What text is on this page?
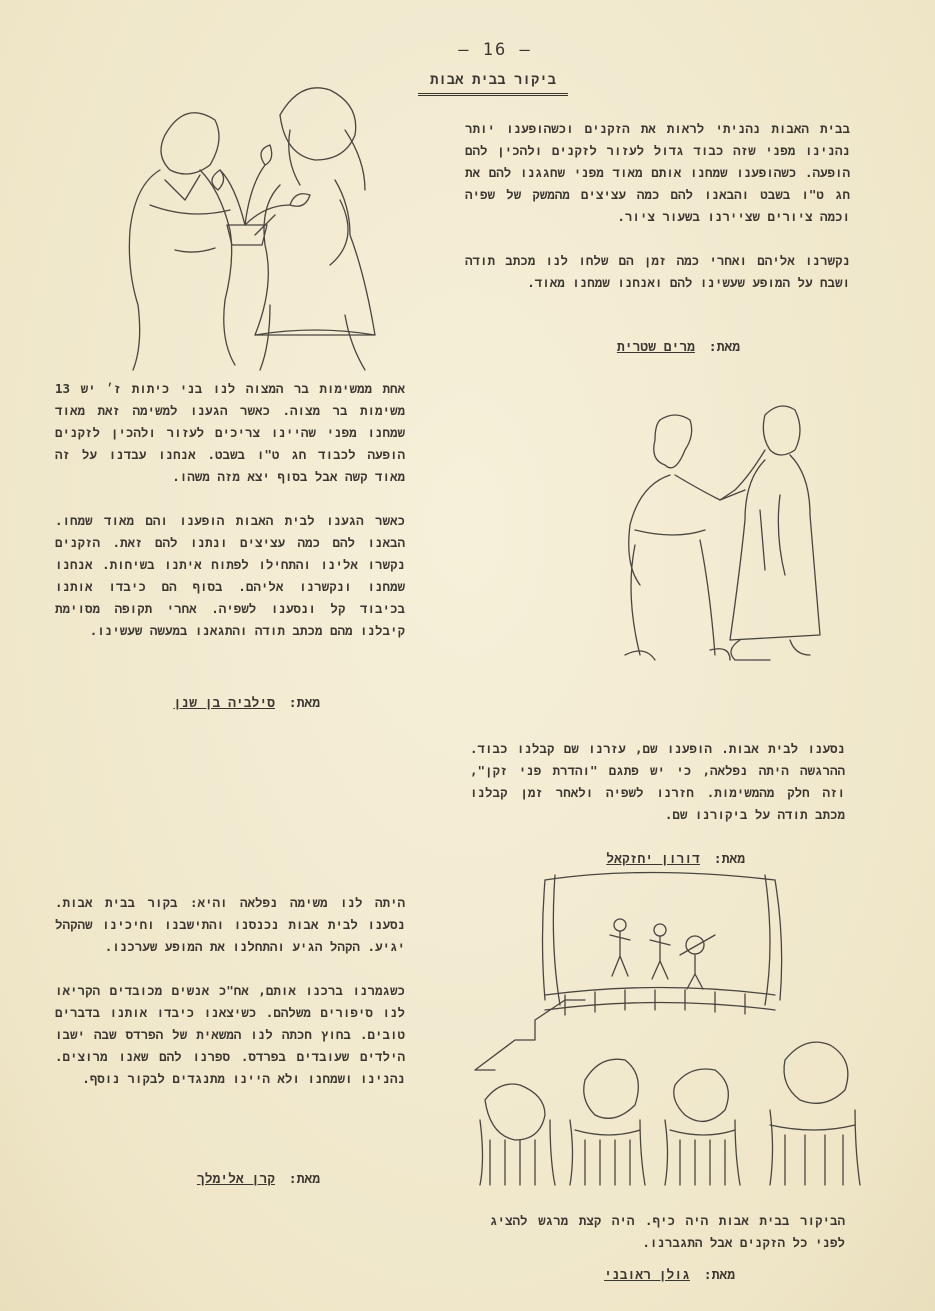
– 16 –
ביקור בבית אבות

בבית האבות נהניתי לראות את הזקנים וכשהופענו יותר נהנינו מפני שזה כבוד גדול לעזור לזקנים ולהכין להם הופעה. כשהופענו שמחנו אותם מאוד מפני שחגגנו להם את חג ט"ו בשבט והבאנו להם כמה עציצים מהמשק של שפיה וכמה ציורים שציירנו בשעור ציור.

נקשרנו אליהם ואחרי כמה זמן הם שלחו לנו מכתב תודה ושבח על המופע שעשינו להם ואנחנו שמחנו מאוד.

מאת: מרים שטרית

אחת ממשימות בר המצוה לנו בני כיתות ז׳ יש 13 משימות בר מצוה. כאשר הגענו למשימה זאת מאוד שמחנו מפני שהיינו צריכים לעזור ולהכין לזקנים הופעה לכבוד חג ט"ו בשבט. אנחנו עבדנו על זה מאוד קשה אבל בסוף יצא מזה משהו.

כאשר הגענו לבית האבות הופענו והם מאוד שמחו. הבאנו להם כמה עציצים ונתנו להם זאת. הזקנים נקשרו אלינו והתחילו לפתוח איתנו בשיחות. אנחנו שמחנו ונקשרנו אליהם. בסוף הם כיבדו אותנו בכיבוד קל ונסענו לשפיה. אחרי תקופה מסוימת קיבלנו מהם מכתב תודה והתגאנו במעשה שעשינו.

מאת: סילביה בן שנן

נסענו לבית אבות. הופענו שם, עזרנו שם קבלנו כבוד. ההרגשה היתה נפלאה, כי יש פתגם "והדרת פני זקן", וזה חלק מהמשימות. חזרנו לשפיה ולאחר זמן קבלנו מכתב תודה על ביקורנו שם.

מאת: דורון יחזקאל

היתה לנו משימה נפלאה והיא: בקור בבית אבות. נסענו לבית אבות נכנסנו והתישבנו וחיכינו שהקהל יגיע. הקהל הגיע והתחלנו את המופע שערכנו.

כשגמרנו ברכנו אותם, אח"כ אנשים מכובדים הקריאו לנו סיפורים משלהם. כשיצאנו כיבדו אותנו בדברים טובים. בחוץ חכתה לנו המשאית של הפרדס שבה ישבו הילדים שעובדים בפרדס. ספרנו להם שאנו מרוצים. נהנינו ושמחנו ולא היינו מתנגדים לבקור נוסף.

מאת: קרן אלימלך

הביקור בבית אבות היה כיף. היה קצת מרגש להציג לפני כל הזקנים אבל התגברנו.

מאת: גולן ראובני
